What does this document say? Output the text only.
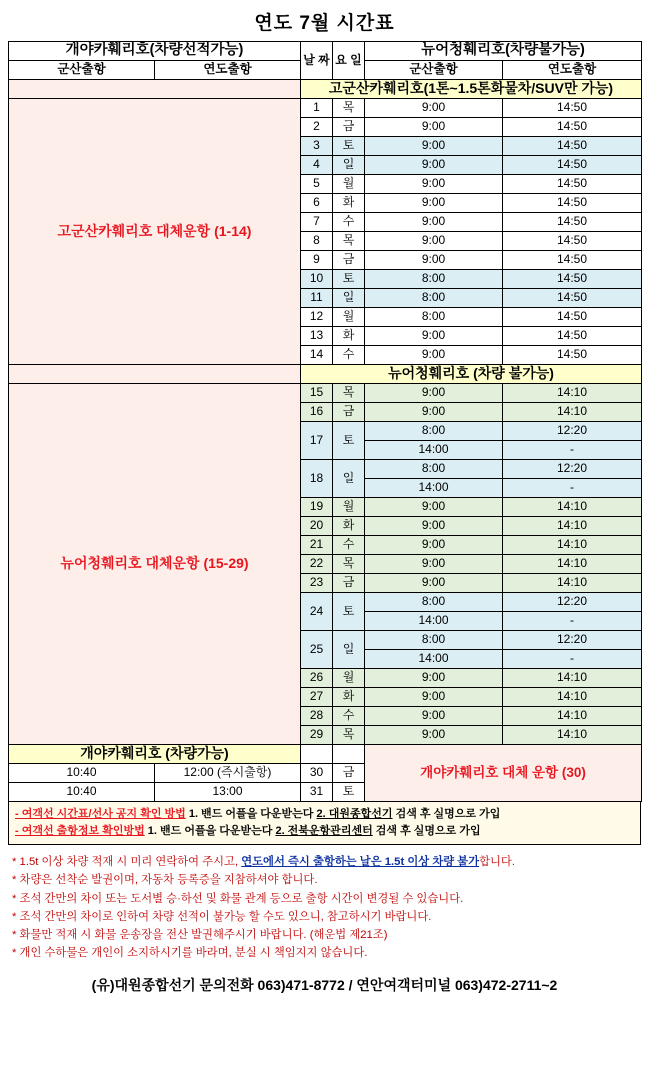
연도 7월 시간표
개야카훼리호(차량선적가능)		날 짜	요 일	뉴어청훼리호(차량불가능)	
군산출항	연도출항			군산출항	연도출항
		고군산카훼리호(1톤~1.5톤화물차/SUV만 가능)			
고군산카훼리호 대체운항 (1-14)		1	목	9:00	14:50
		2	금	9:00	14:50
		3	토	9:00	14:50
		4	일	9:00	14:50
		5	월	9:00	14:50
		6	화	9:00	14:50
		7	수	9:00	14:50
		8	목	9:00	14:50
		9	금	9:00	14:50
		10	토	8:00	14:50
		11	일	8:00	14:50
		12	월	8:00	14:50
		13	화	9:00	14:50
		14	수	9:00	14:50
		뉴어청훼리호 (차량 불가능)			
뉴어청훼리호 대체운항 (15-29)		15	목	9:00	14:10
		16	금	9:00	14:10
		17	토	8:00	12:20
				14:00	-
		18	일	8:00	12:20
				14:00	-
		19	월	9:00	14:10
		20	화	9:00	14:10
		21	수	9:00	14:10
		22	목	9:00	14:10
		23	금	9:00	14:10
		24	토	8:00	12:20
				14:00	-
		25	일	8:00	12:20
				14:00	-
		26	월	9:00	14:10
		27	화	9:00	14:10
		28	수	9:00	14:10
		29	목	9:00	14:10
개야카훼리호 (차량가능)				개야카훼리호 대체 운항 (30)	
10:40	12:00 (즉시출항)	30	금		
10:40	13:00	31	토		
- 여객선 시간표/선사 공지 확인 방법 1. 밴드 어플을 다운받는다 2. 대원종합선기 검색 후 실명으로 가입
- 여객선 출항정보 확인방법 1. 밴드 어플을 다운받는다 2. 전북운항관리센터 검색 후 실명으로 가입
* 1.5t 이상 차량 적재 시 미리 연락하여 주시고, 연도에서 즉시 출항하는 날은 1.5t 이상 차량 불가합니다.
* 차량은 선착순 발권이며, 자동차 등록증을 지참하셔야 합니다.
* 조석 간만의 차이 또는 도서별 승·하선 및 화물 관계 등으로 출항 시간이 변경될 수 있습니다.
* 조석 간만의 차이로 인하여 차량 선적이 불가능 할 수도 있으니, 참고하시기 바랍니다.
* 화물만 적재 시 화물 운송장을 전산 발권해주시기 바랍니다. (해운법 제21조)
* 개인 수하물은 개인이 소지하시기를 바라며, 분실 시 책임지지 않습니다.
(유)대원종합선기 문의전화 063)471-8772 / 연안여객터미널 063)472-2711~2
